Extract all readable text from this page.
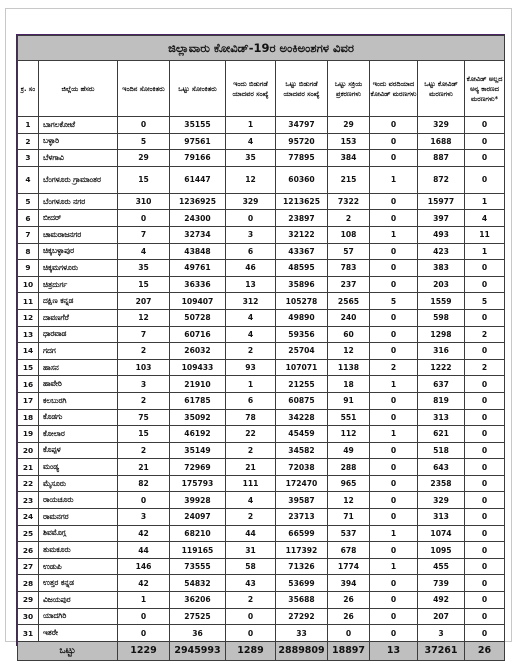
ಜಿಲ್ಲಾವಾರು ಕೋವಿಡ್-19ರ ಅಂಕಿಅಂಶಗಳ ವಿವರ									
ಕ್ರ. ಸಂ	ಜಿಲ್ಲೆಯ ಹೆಸರು	ಇಂದಿನ ಸೋಂಕಿತರು	ಒಟ್ಟು ಸೋಂಕಿತರು	ಇಂದು ಬಿಡುಗಡೆ ಯಾದವರ ಸಂಖ್ಯೆ	ಒಟ್ಟು ಬಿಡುಗಡೆ ಯಾದವರ ಸಂಖ್ಯೆ	ಒಟ್ಟು ಸಕ್ರಿಯ ಪ್ರಕರಣಗಳು	ಇಂದು ವರದಿಯಾದ ಕೋವಿಡ್ ಮರಣಗಳು	ಒಟ್ಟು ಕೋವಿಡ್ ಮರಣಗಳು	ಕೋವಿಡ್ ಅಲ್ಲದ ಅನ್ಯ ಕಾರಣದ ಮರಣಗಳು*
1	ಬಾಗಲಕೋಟೆ	0	35155	1	34797	29	0	329	0
2	ಬಳ್ಳಾರಿ	5	97561	4	95720	153	0	1688	0
3	ಬೆಳಗಾವಿ	29	79166	35	77895	384	0	887	0
4	ಬೆಂಗಳೂರು ಗ್ರಾಮಾಂತರ	15	61447	12	60360	215	1	872	0
5	ಬೆಂಗಳೂರು ನಗರ	310	1236925	329	1213625	7322	0	15977	1
6	ಬೀದರ್	0	24300	0	23897	2	0	397	4
7	ಚಾಮರಾಜನಗರ	7	32734	3	32122	108	1	493	11
8	ಚಿಕ್ಕಬಳ್ಳಾಪುರ	4	43848	6	43367	57	0	423	1
9	ಚಿಕ್ಕಮಗಳೂರು	35	49761	46	48595	783	0	383	0
10	ಚಿತ್ರದುರ್ಗ	15	36336	13	35896	237	0	203	0
11	ದಕ್ಷಿಣ ಕನ್ನಡ	207	109407	312	105278	2565	5	1559	5
12	ದಾವಣಗೆರೆ	12	50728	4	49890	240	0	598	0
13	ಧಾರವಾಡ	7	60716	4	59356	60	0	1298	2
14	ಗದಗ	2	26032	2	25704	12	0	316	0
15	ಹಾಸನ	103	109433	93	107071	1138	2	1222	2
16	ಹಾವೇರಿ	3	21910	1	21255	18	1	637	0
17	ಕಲಬುರಗಿ	2	61785	6	60875	91	0	819	0
18	ಕೊಡಗು	75	35092	78	34228	551	0	313	0
19	ಕೋಲಾರ	15	46192	22	45459	112	1	621	0
20	ಕೊಪ್ಪಳ	2	35149	2	34582	49	0	518	0
21	ಮಂಡ್ಯ	21	72969	21	72038	288	0	643	0
22	ಮೈಸೂರು	82	175793	111	172470	965	0	2358	0
23	ರಾಯಚೂರು	0	39928	4	39587	12	0	329	0
24	ರಾಮನಗರ	3	24097	2	23713	71	0	313	0
25	ಶಿವಮೊಗ್ಗ	42	68210	44	66599	537	1	1074	0
26	ತುಮಕೂರು	44	119165	31	117392	678	0	1095	0
27	ಉಡುಪಿ	146	73555	58	71326	1774	1	455	0
28	ಉತ್ತರ ಕನ್ನಡ	42	54832	43	53699	394	0	739	0
29	ವಿಜಯಪುರ	1	36206	2	35688	26	0	492	0
30	ಯಾದಗಿರಿ	0	27525	0	27292	26	0	207	0
31	ಇತರೇ	0	36	0	33	0	0	3	0
ಒಟ್ಟು		1229	2945993	1289	2889809	18897	13	37261	26
